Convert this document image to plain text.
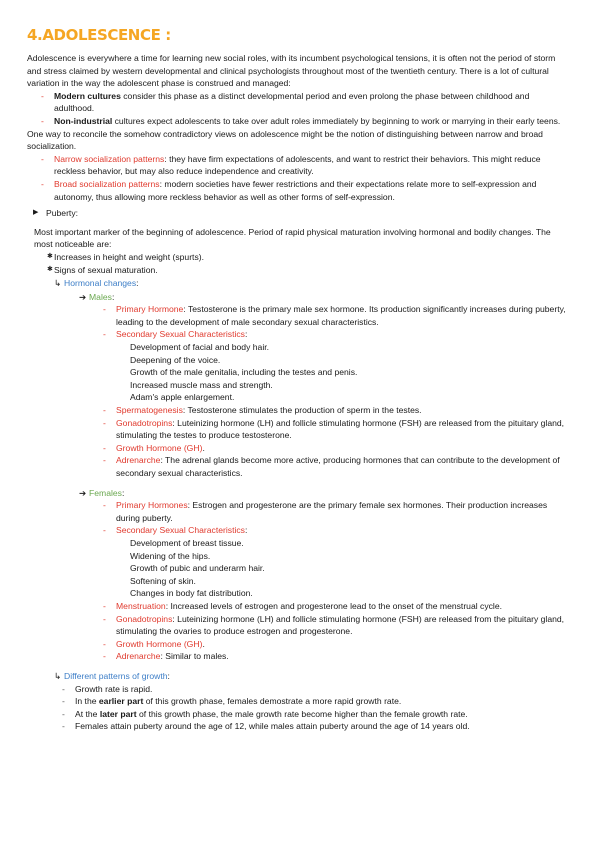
4.ADOLESCENCE :

Adolescence is everywhere a time for learning new social roles, with its incumbent psychological tensions, it is often not the period of storm and stress claimed by western developmental and clinical psychologists throughout most of the twentieth century. There is a lot of cultural variation in the way the adolescent phase is construed and managed:

- Modern cultures consider this phase as a distinct developmental period and even prolong the phase between childhood and adulthood.
- Non-industrial cultures expect adolescents to take over adult roles immediately by beginning to work or marrying in their early teens.

One way to reconcile the somehow contradictory views on adolescence might be the notion of distinguishing between narrow and broad socialization.

- Narrow socialization patterns: they have firm expectations of adolescents, and want to restrict their behaviors. This might reduce reckless behavior, but may also reduce independence and creativity.
- Broad socialization patterns: modern societies have fewer restrictions and their expectations relate more to self-expression and autonomy, thus allowing more reckless behavior as well as other forms of self-expression.
▶ Puberty:

Most important marker of the beginning of adolescence. Period of rapid physical maturation involving hormonal and bodily changes. The most noticeable are:

✱ Increases in height and weight (spurts).
✱ Signs of sexual maturation.
↳ Hormonal changes:
➔ Males:
- Primary Hormone: Testosterone is the primary male sex hormone. Its production significantly increases during puberty, leading to the development of male secondary sexual characteristics.
- Secondary Sexual Characteristics:
Development of facial and body hair.
Deepening of the voice.
Growth of the male genitalia, including the testes and penis.
Increased muscle mass and strength.
Adam's apple enlargement.
- Spermatogenesis: Testosterone stimulates the production of sperm in the testes.
- Gonadotropins: Luteinizing hormone (LH) and follicle stimulating hormone (FSH) are released from the pituitary gland, stimulating the testes to produce testosterone.
- Growth Hormone (GH).
- Adrenarche: The adrenal glands become more active, producing hormones that can contribute to the development of secondary sexual characteristics.
➔ Females:
- Primary Hormones: Estrogen and progesterone are the primary female sex hormones. Their production increases during puberty.
- Secondary Sexual Characteristics:
Development of breast tissue.
Widening of the hips.
Growth of pubic and underarm hair.
Softening of skin.
Changes in body fat distribution.
- Menstruation: Increased levels of estrogen and progesterone lead to the onset of the menstrual cycle.
- Gonadotropins: Luteinizing hormone (LH) and follicle stimulating hormone (FSH) are released from the pituitary gland, stimulating the ovaries to produce estrogen and progesterone.
- Growth Hormone (GH).
- Adrenarche: Similar to males.
↳ Different patterns of growth:
- Growth rate is rapid.
- In the earlier part of this growth phase, females demostrate a more rapid growth rate.
- At the later part of this growth phase, the male growth rate become higher than the female growth rate.
- Females attain puberty around the age of 12, while males attain puberty around the age of 14 years old.
